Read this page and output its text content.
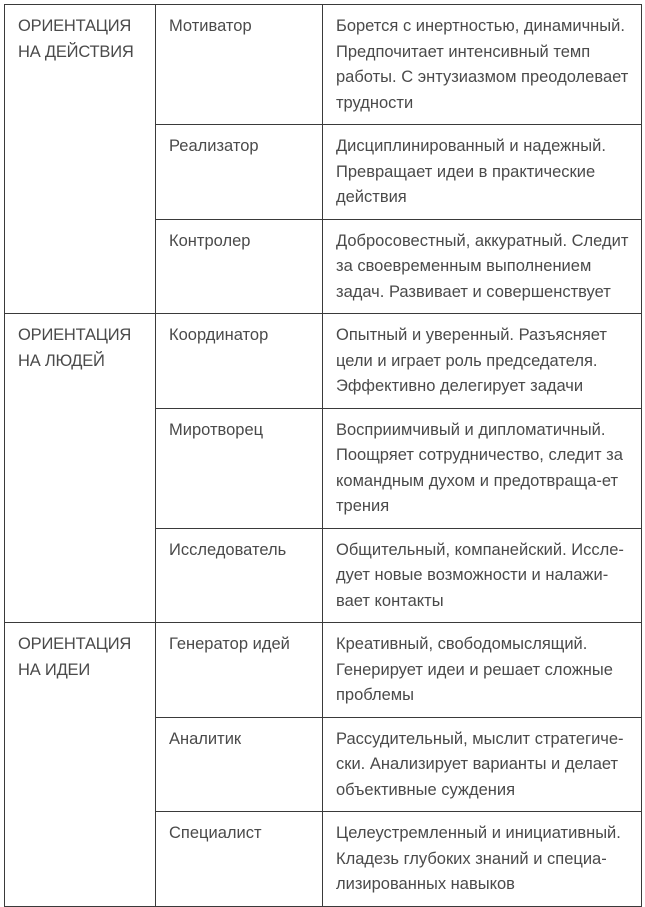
ОРИЕНТАЦИЯ НА ДЕЙСТВИЯ	Мотиватор	Борется с инертностью, динамичный. Предпочитает интенсивный темп работы. С энтузиазмом преодолевает трудности
	Реализатор	Дисциплинированный и надежный. Превращает идеи в практические действия
	Контролер	Добросовестный, аккуратный. Следит за своевременным выполнением задач. Развивает и совершенствует
ОРИЕНТАЦИЯ НА ЛЮДЕЙ	Координатор	Опытный и уверенный. Разъясняет цели и играет роль председателя. Эффективно делегирует задачи
	Миротворец	Восприимчивый и дипломатичный. Поощряет сотрудничество, следит за командным духом и предотвраща-ет трения
	Исследователь	Общительный, компанейский. Иссле-дует новые возможности и налажи-вает контакты
ОРИЕНТАЦИЯ НА ИДЕИ	Генератор идей	Креативный, свободомыслящий. Генерирует идеи и решает сложные проблемы
	Аналитик	Рассудительный, мыслит стратегиче-ски. Анализирует варианты и делает объективные суждения
	Специалист	Целеустремленный и инициативный. Кладезь глубоких знаний и специа-лизированных навыков
